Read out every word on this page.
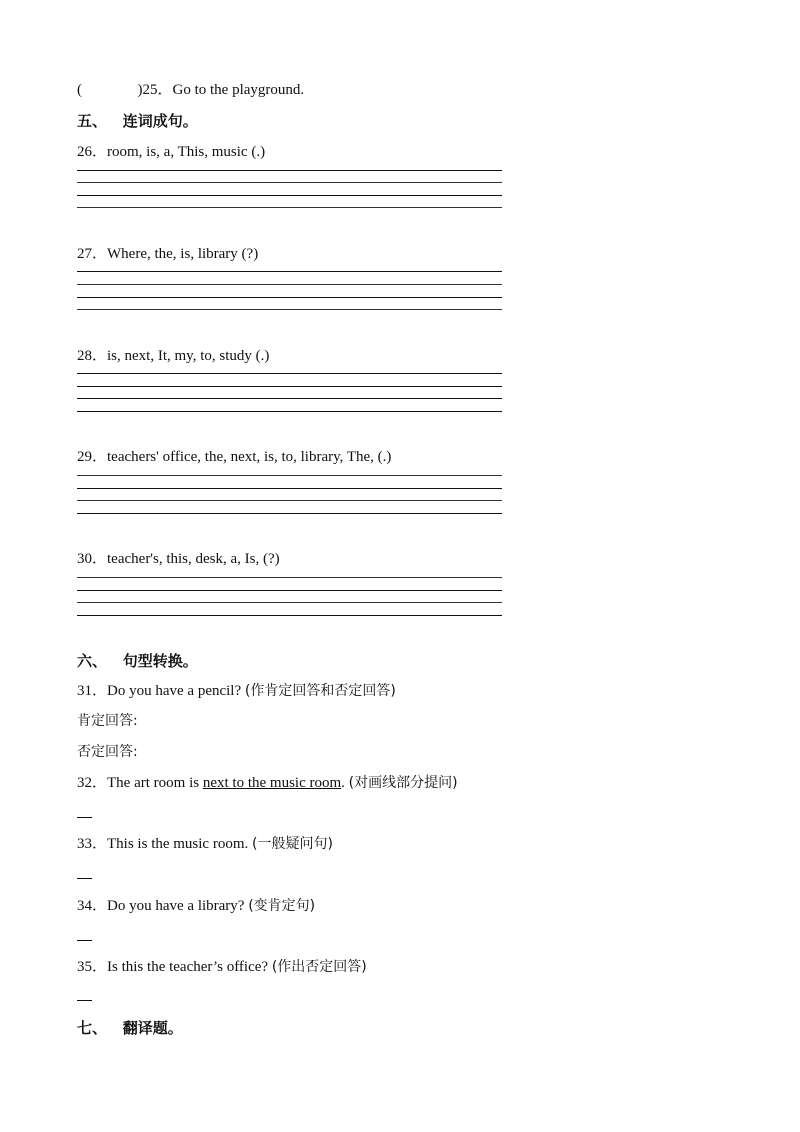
(	)25．Go to the playground.
五、 连词成句。
26．room, is, a, This, music (.)
27．Where, the, is, library (?)
28．is, next, It, my, to, study (.)
29．teachers' office, the, next, is, to, library, The, (.)
30．teacher's, this, desk, a, Is, (?)
六、 句型转换。
31．Do you have a pencil? (作肯定回答和否定回答)
肯定回答:
否定回答:
32．The art room is next to the music room. (对画线部分提问)
33．This is the music room. (一般疑问句)
34．Do you have a library? (变肯定句)
35．Is this the teacher’s office? (作出否定回答)
七、 翻译题。
